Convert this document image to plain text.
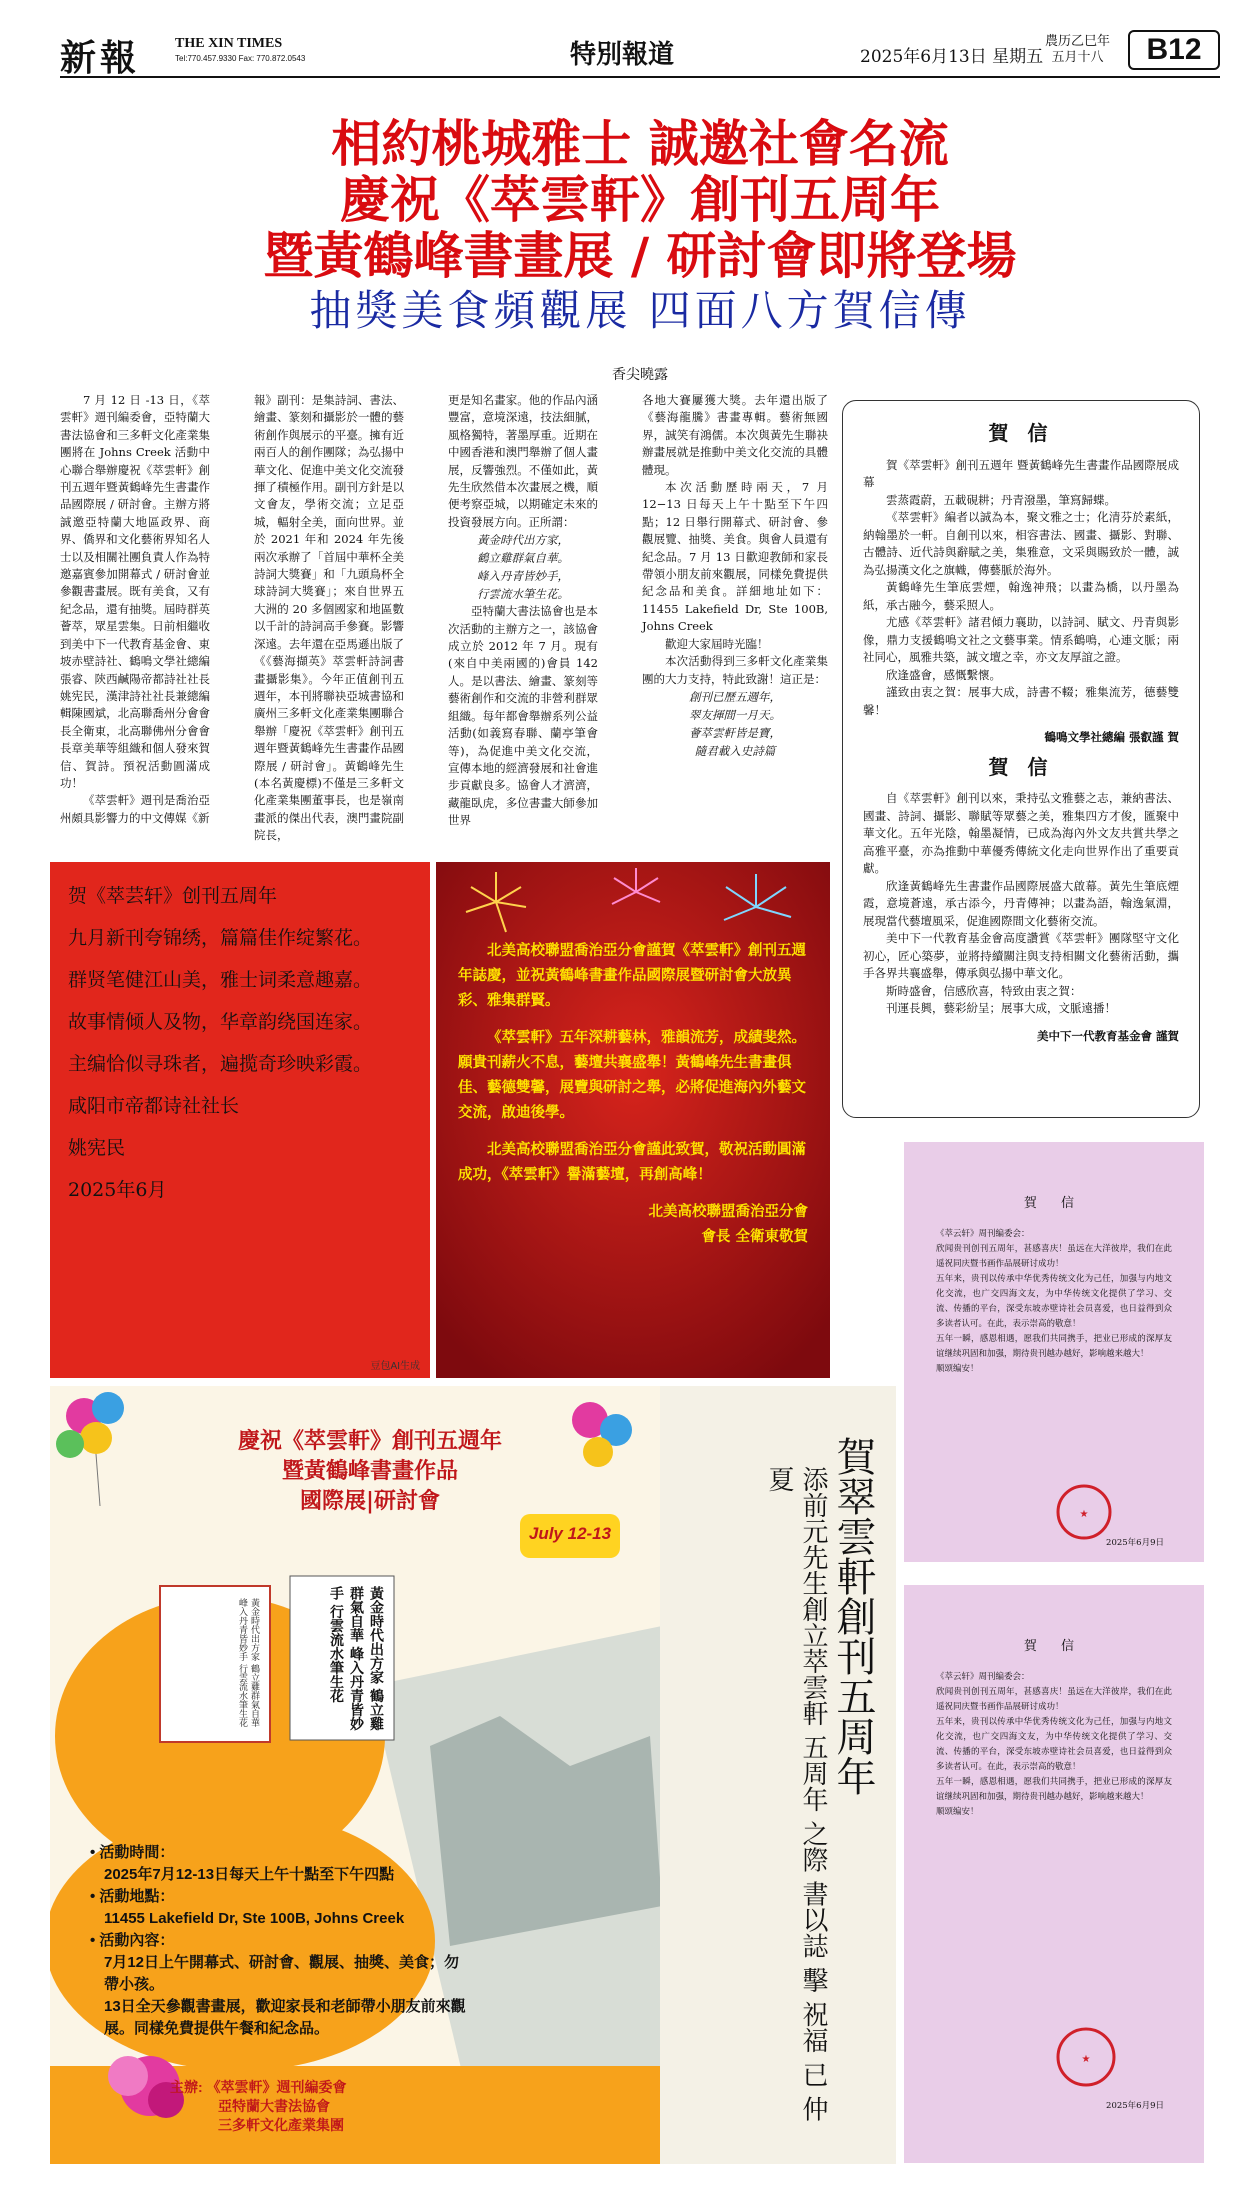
新報 THE XIN TIMES
Tel:770.457.9330 Fax: 770.872.0543	特別報道	2025年6月13日 星期五
農历乙巳年
五月十八	B12
相約桃城雅士 誠邀社會名流
慶祝《萃雲軒》創刊五周年
暨黃鶴峰書畫展 / 研討會即將登場
抽獎美食頻觀展 四面八方賀信傳
香尖曉露

7 月 12 日 -13 日，《萃雲軒》週刊編委會，亞特蘭大書法協會和三多軒文化產業集團將在 Johns Creek 活動中心聯合舉辦慶祝《萃雲軒》創刊五週年暨黃鶴峰先生書畫作品國際展 / 研討會。主辦方將誠邀亞特蘭大地區政界、商界、僑界和文化藝術界知名人士以及相關社團負責人作為特邀嘉賓參加開幕式 / 研討會並參觀書畫展。既有美食，又有紀念品，還有抽獎。屆時群英薈萃，眾星雲集。日前相繼收到美中下一代教育基金會、東坡赤壁詩社、鶴鳴文學社總編張睿、陝西鹹陽帝都詩社社長姚宪民，漢津詩社社長兼總編輯陳國斌，北高聯喬州分會會長全衛東，北高聯佛州分會會長章美華等組織和個人發來賀信、賀詩。預祝活動圓滿成功！

《萃雲軒》週刊是喬治亞州頗具影響力的中文傳媒《新

報》副刊：是集詩詞、書法、繪畫、篆刻和攝影於一體的藝術創作與展示的平臺。擁有近兩百人的創作團隊；為弘揚中華文化、促進中美文化交流發揮了積極作用。副刊方針是以文會友，學術交流；立足亞城，輻射全美，面向世界。並於 2021 年和 2024 年先後兩次承辦了「首屆中華杯全美詩詞大獎賽」和「九頭鳥杯全球詩詞大獎賽」；來自世界五大洲的 20 多個國家和地區數以千計的詩詞高手參賽。影響深遠。去年還在亞馬遜出版了《《藝海擷英》萃雲軒詩詞書畫攝影集》。今年正值創刊五週年，本刊將聯袂亞城書協和廣州三多軒文化產業集團聯合舉辦「慶祝《萃雲軒》創刊五週年暨黃鶴峰先生書畫作品國際展 / 研討會」。黃鶴峰先生(本名黃慶標)不僅是三多軒文化產業集團董事長，也是嶺南畫派的傑出代表，澳門畫院副院長，

更是知名畫家。他的作品內涵豐富，意境深遠，技法細膩，風格獨特，著墨厚重。近期在中國香港和澳門舉辦了個人畫展，反響強烈。不僅如此，黃先生欣然借本次畫展之機，順便考察亞城，以期確定未來的投資發展方向。正所謂：

黃金時代出方家，
鶴立雞群氣自華。
峰入丹青皆妙手，
行雲流水筆生花。

亞特蘭大書法協會也是本次活動的主辦方之一，該協會成立於 2012 年 7 月。現有(來自中美兩國的)會員 142 人。是以書法、繪畫、篆刻等藝術創作和交流的非營利群眾組織。每年都會舉辦系列公益活動(如義寫春聯、蘭亭筆會等)，為促進中美文化交流，宣傳本地的經濟發展和社會進步貢獻良多。協會人才濟濟，藏龍臥虎，多位書畫大師參加世界

各地大賽屢獲大獎。去年還出版了《藝海龍騰》書畫專輯。藝術無國界，誠笑有鴻儒。本次與黃先生聯袂辦畫展就是推動中美文化交流的具體體現。

本次活動歷時兩天，7 月 12−13 日每天上午十點至下午四點；12 日舉行開幕式、研討會、參觀展覽、抽獎、美食。與會人員還有紀念品。7 月 13 日歡迎教師和家長帶領小朋友前來觀展，同樣免費提供紀念品和美食。詳細地址如下：11455 Lakefield Dr, Ste 100B, Johns Creek

歡迎大家屆時光臨！

本次活動得到三多軒文化產業集團的大力支持，特此致謝！這正是：

創刊已歷五週年，
翠友揮間一月天。
薈萃雲軒皆是寶，
隨君載入史詩篇
賀 信

賀《萃雲軒》創刊五週年 暨黃鶴峰先生書畫作品國際展成幕

雲蒸霞蔚，五載硯耕；丹青潑墨，筆寫歸蝶。

《萃雲軒》編者以誠為本，聚文雅之士；化清芬於素紙，納翰墨於一軒。自創刊以來，相容書法、國畫、攝影、對聯、古體詩、近代詩與辭賦之美，集雅意，文采與賜致於一體，誠為弘揚漢文化之旗幟，傳藝脈於海外。

黃鶴峰先生筆底雲煙，翰逸神飛；以畫為橋，以丹墨為紙，承古融今，藝采照人。

尤感《萃雲軒》諸君傾力襄助，以詩詞、賦文、丹青與影像，鼎力支援鶴鳴文社之文藝事業。情系鶴鳴，心連文脈；兩社同心，風雅共築，誠文壇之幸，亦文友厚誼之證。

欣逢盛會，感慨繫懷。

謹致由衷之賀：展事大成，詩書不輟；雅集流芳，德藝雙馨！

鶴鳴文學社總編 張叡謹 賀
賀 信

自《萃雲軒》創刊以來，秉持弘文雅藝之志，兼納書法、國畫、詩詞、攝影、聯賦等眾藝之美，雅集四方才俊，匯聚中華文化。五年光陰，翰墨凝情，已成為海內外文友共賞共學之高雅平臺，亦為推動中華優秀傳統文化走向世界作出了重要貢獻。

欣逢黃鶴峰先生書畫作品國際展盛大啟幕。黃先生筆底煙霞，意境蒼遠，承古添今，丹青傳神；以畫為語，翰逸氣淵，展現當代藝壇風采，促進國際間文化藝術交流。

美中下一代教育基金會高度讚賞《萃雲軒》團隊堅守文化初心，匠心築夢，並將持續關注與支持相關文化藝術活動，攜手各界共襄盛舉，傳承與弘揚中華文化。

斯時盛會，信感欣喜，特致由衷之賀：

刊運長興，藝彩紛呈；展事大成，文脈遠播！

美中下一代教育基金會 謹賀

贺《萃芸轩》创刊五周年

九月新刊夸锦绣，篇篇佳作绽繁花。

群贤笔健江山美，雅士词柔意趣嘉。

故事情倾人及物，华章韵绕国连家。

主编恰似寻珠者，遍揽奇珍映彩霞。

咸阳市帝都诗社社长

姚宪民

2025年6月

豆包AI生成

北美高校聯盟喬治亞分會謹賀《萃雲軒》創刊五週年誌慶，並祝黃鶴峰書畫作品國際展暨研討會大放異彩、雅集群賢。

《萃雲軒》五年深耕藝林，雅韻流芳，成績斐然。願貴刊薪火不息，藝壇共襄盛舉！黃鶴峰先生書畫俱佳、藝德雙馨，展覽與研討之舉，必將促進海內外藝文交流，啟迪後學。

北美高校聯盟喬治亞分會謹此致賀，敬祝活動圓滿成功，《萃雲軒》譽滿藝壇，再創高峰！

北美高校聯盟喬治亞分會
會長 全衛東敬賀
慶祝《萃雲軒》創刊五週年
暨黃鶴峰書畫作品
國際展|研討會
July 12-13
黃金時代出方家 鶴立雞群氣自華 峰入丹青皆妙手 行雲流水筆生花	黃金時代出方家 鶴立雞群氣自華 峰入丹青皆妙手 行雲流水筆生花
• 活動時間：
2025年7月12-13日每天上午十點至下午四點
• 活動地點：
11455 Lakefield Dr, Ste 100B, Johns Creek
• 活動內容：
7月12日上午開幕式、研討會、觀展、抽獎、美食；勿帶小孩。
13日全天參觀書畫展，歡迎家長和老師帶小朋友前來觀展。同樣免費提供午餐和紀念品。
主辦: 《萃雲軒》週刊編委會
亞特蘭大書法協會
三多軒文化產業集團
賀翠雲軒創刊五周年
添前元先生創立萃雲軒 五周年 之際 書以誌 擊 祝福 已 仲夏
賀 信

《萃云轩》周刊编委会：

欣闻贵刊创刊五周年，甚感喜庆！虽远在大洋彼岸，我们在此遥祝同庆暨书画作品展研讨成功！

五年来，贵刊以传承中华优秀传统文化为己任，加强与内地文化交流，也广交四海文友，为中华传统文化提供了学习、交流、传播的平台，深受东坡赤壁诗社会员喜爱，也日益得到众多读者认可。在此，表示崇高的敬意！

五年一瞬，感恩相遇，愿我们共同携手，把业已形成的深厚友谊继续巩固和加强，期待贵刊越办越好，影响越来越大！

顺颂编安！

★
2025年6月9日
賀 信

《萃云轩》周刊编委会：

欣闻贵刊创刊五周年，甚感喜庆！虽远在大洋彼岸，我们在此遥祝同庆暨书画作品展研讨成功！

五年来，贵刊以传承中华优秀传统文化为己任，加强与内地文化交流，也广交四海文友，为中华传统文化提供了学习、交流、传播的平台，深受东坡赤壁诗社会员喜爱，也日益得到众多读者认可。在此，表示崇高的敬意！

五年一瞬，感恩相遇，愿我们共同携手，把业已形成的深厚友谊继续巩固和加强，期待贵刊越办越好，影响越来越大！

顺颂编安！

★
2025年6月9日
